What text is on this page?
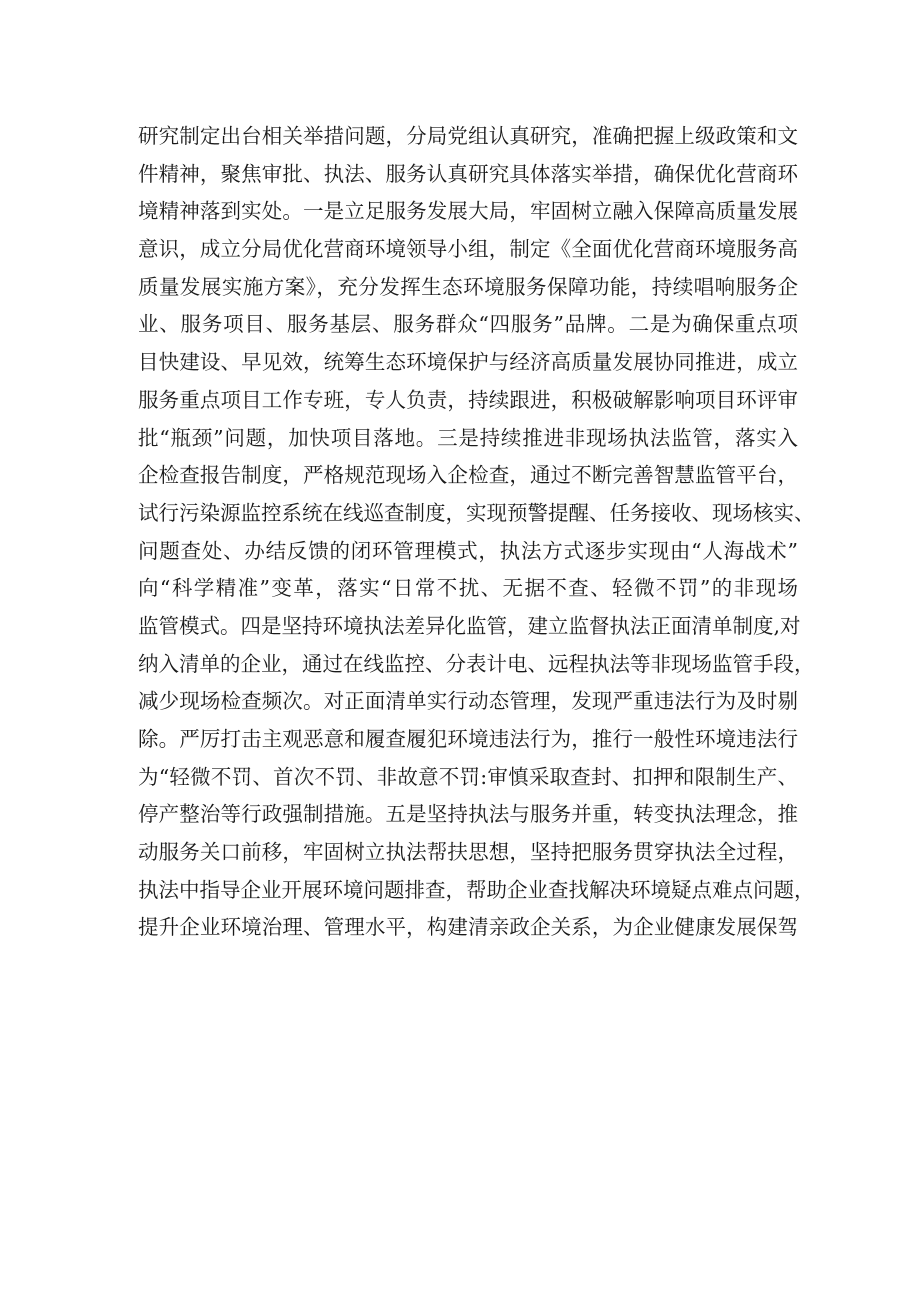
研究制定出台相关举措问题，分局党组认真研究，准确把握上级政策和文
件精神，聚焦审批、执法、服务认真研究具体落实举措，确保优化营商环
境精神落到实处。一是立足服务发展大局，牢固树立融入保障高质量发展
意识，成立分局优化营商环境领导小组，制定《全面优化营商环境服务高
质量发展实施方案》，充分发挥生态环境服务保障功能，持续唱响服务企
业、服务项目、服务基层、服务群众“四服务”品牌。二是为确保重点项
目快建设、早见效，统筹生态环境保护与经济高质量发展协同推进，成立
服务重点项目工作专班，专人负责，持续跟进，积极破解影响项目环评审
批“瓶颈”问题，加快项目落地。三是持续推进非现场执法监管，落实入
企检查报告制度，严格规范现场入企检查，通过不断完善智慧监管平台，
试行污染源监控系统在线巡查制度，实现预警提醒、任务接收、现场核实、
问题查处、办结反馈的闭环管理模式，执法方式逐步实现由“人海战术”
向“科学精准”变革，落实“日常不扰、无据不查、轻微不罚”的非现场
监管模式。四是坚持环境执法差异化监管，建立监督执法正面清单制度,对
纳入清单的企业，通过在线监控、分表计电、远程执法等非现场监管手段，
减少现场检查频次。对正面清单实行动态管理，发现严重违法行为及时剔
除。严厉打击主观恶意和履查履犯环境违法行为，推行一般性环境违法行
为“轻微不罚、首次不罚、非故意不罚:审慎采取查封、扣押和限制生产、
停产整治等行政强制措施。五是坚持执法与服务并重，转变执法理念，推
动服务关口前移，牢固树立执法帮扶思想，坚持把服务贯穿执法全过程，
执法中指导企业开展环境问题排查，帮助企业查找解决环境疑点难点问题，
提升企业环境治理、管理水平，构建清亲政企关系，为企业健康发展保驾
